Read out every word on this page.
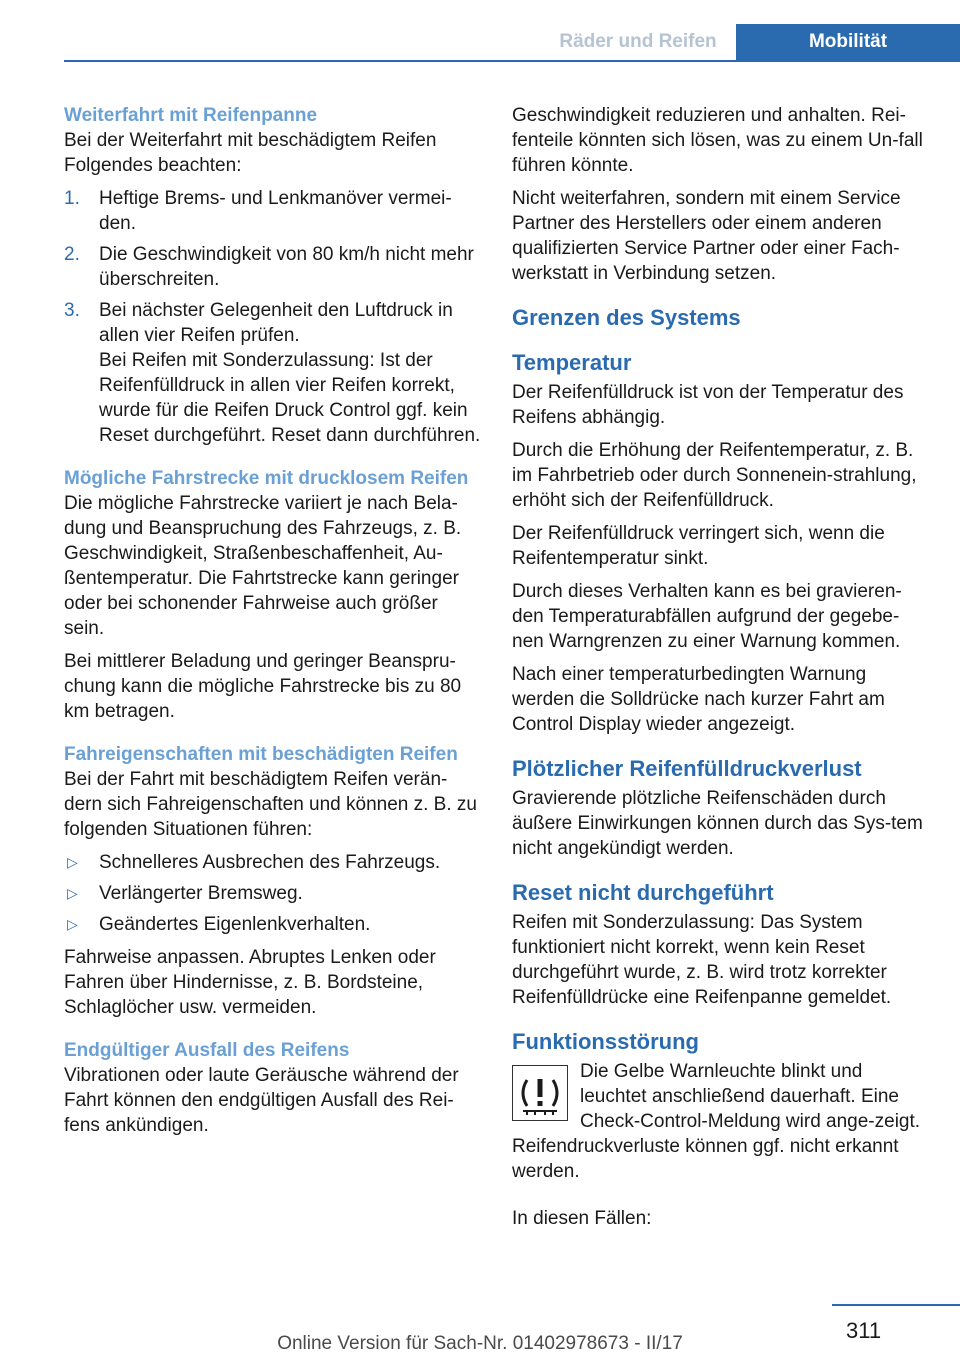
Räder und Reifen	Mobilität
Weiterfahrt mit Reifenpanne

Bei der Weiterfahrt mit beschädigtem Reifen Folgendes beachten:

1. Heftige Brems- und Lenkmanöver vermei‐den.
2. Die Geschwindigkeit von 80 km/h nicht mehr überschreiten.
3. Bei nächster Gelegenheit den Luftdruck in allen vier Reifen prüfen.

Bei Reifen mit Sonderzulassung: Ist der Reifenfülldruck in allen vier Reifen korrekt, wurde für die Reifen Druck Control ggf. kein Reset durchgeführt. Reset dann durchführen.

Mögliche Fahrstrecke mit drucklosem Reifen

Die mögliche Fahrstrecke variiert je nach Bela‐dung und Beanspruchung des Fahrzeugs, z. B. Geschwindigkeit, Straßenbeschaffenheit, Au‐ßentemperatur. Die Fahrtstrecke kann geringer oder bei schonender Fahrweise auch größer sein.

Bei mittlerer Beladung und geringer Beanspru‐chung kann die mögliche Fahrstrecke bis zu 80 km betragen.

Fahreigenschaften mit beschädigten Reifen

Bei der Fahrt mit beschädigtem Reifen verän‐dern sich Fahreigenschaften und können z. B. zu folgenden Situationen führen:

▷ Schnelleres Ausbrechen des Fahrzeugs.
▷ Verlängerter Bremsweg.
▷ Geändertes Eigenlenkverhalten.

Fahrweise anpassen. Abruptes Lenken oder Fahren über Hindernisse, z. B. Bordsteine, Schlaglöcher usw. vermeiden.

Endgültiger Ausfall des Reifens

Vibrationen oder laute Geräusche während der Fahrt können den endgültigen Ausfall des Rei‐fens ankündigen.

Geschwindigkeit reduzieren und anhalten. Rei‐fenteile könnten sich lösen, was zu einem Un‐fall führen könnte.

Nicht weiterfahren, sondern mit einem Service Partner des Herstellers oder einem anderen qualifizierten Service Partner oder einer Fach‐werkstatt in Verbindung setzen.

Grenzen des Systems
Temperatur

Der Reifenfülldruck ist von der Temperatur des Reifens abhängig.

Durch die Erhöhung der Reifentemperatur, z. B. im Fahrbetrieb oder durch Sonnenein‐strahlung, erhöht sich der Reifenfülldruck.

Der Reifenfülldruck verringert sich, wenn die Reifentemperatur sinkt.

Durch dieses Verhalten kann es bei gravieren‐den Temperaturabfällen aufgrund der gegebe‐nen Warngrenzen zu einer Warnung kommen.

Nach einer temperaturbedingten Warnung werden die Solldrücke nach kurzer Fahrt am Control Display wieder angezeigt.

Plötzlicher Reifenfülldruckverlust

Gravierende plötzliche Reifenschäden durch äußere Einwirkungen können durch das Sys‐tem nicht angekündigt werden.

Reset nicht durchgeführt

Reifen mit Sonderzulassung: Das System funktioniert nicht korrekt, wenn kein Reset durchgeführt wurde, z. B. wird trotz korrekter Reifenfülldrücke eine Reifenpanne gemeldet.

Funktionsstörung

Die Gelbe Warnleuchte blinkt und leuchtet anschließend dauerhaft. Eine Check-Control-Meldung wird ange‐zeigt. Reifendruckverluste können ggf. nicht erkannt werden.

In diesen Fällen:

311
Online Version für Sach-Nr. 01402978673 - II/17
